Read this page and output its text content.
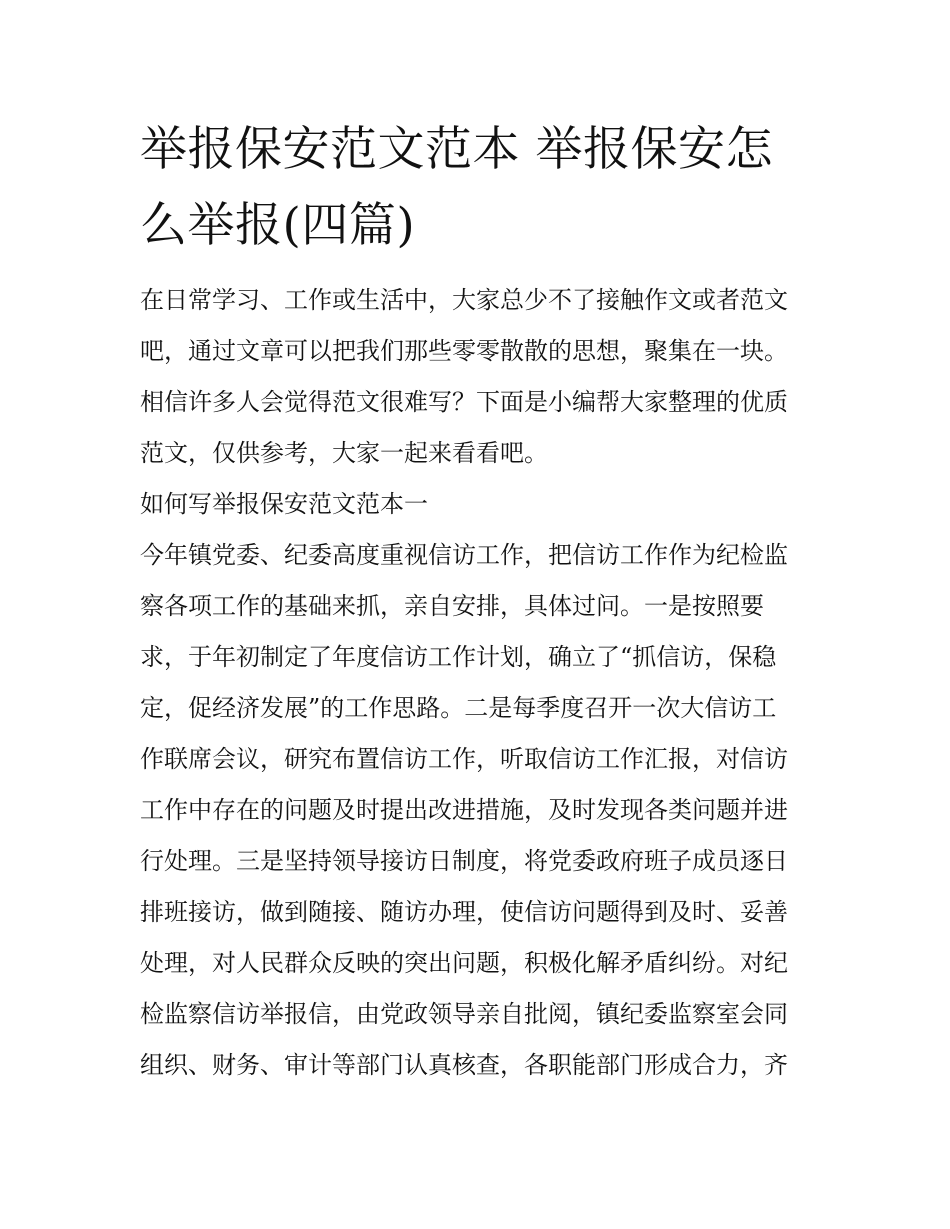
举报保安范文范本 举报保安怎
么举报(四篇)
在日常学习、工作或生活中，大家总少不了接触作文或者范文
吧，通过文章可以把我们那些零零散散的思想，聚集在一块。
相信许多人会觉得范文很难写？下面是小编帮大家整理的优质
范文，仅供参考，大家一起来看看吧。
如何写举报保安范文范本一
今年镇党委、纪委高度重视信访工作，把信访工作作为纪检监
察各项工作的基础来抓，亲自安排，具体过问。一是按照要
求，于年初制定了年度信访工作计划，确立了“抓信访，保稳
定，促经济发展”的工作思路。二是每季度召开一次大信访工
作联席会议，研究布置信访工作，听取信访工作汇报，对信访
工作中存在的问题及时提出改进措施，及时发现各类问题并进
行处理。三是坚持领导接访日制度，将党委政府班子成员逐日
排班接访，做到随接、随访办理，使信访问题得到及时、妥善
处理，对人民群众反映的突出问题，积极化解矛盾纠纷。对纪
检监察信访举报信，由党政领导亲自批阅，镇纪委监察室会同
组织、财务、审计等部门认真核查，各职能部门形成合力，齐
